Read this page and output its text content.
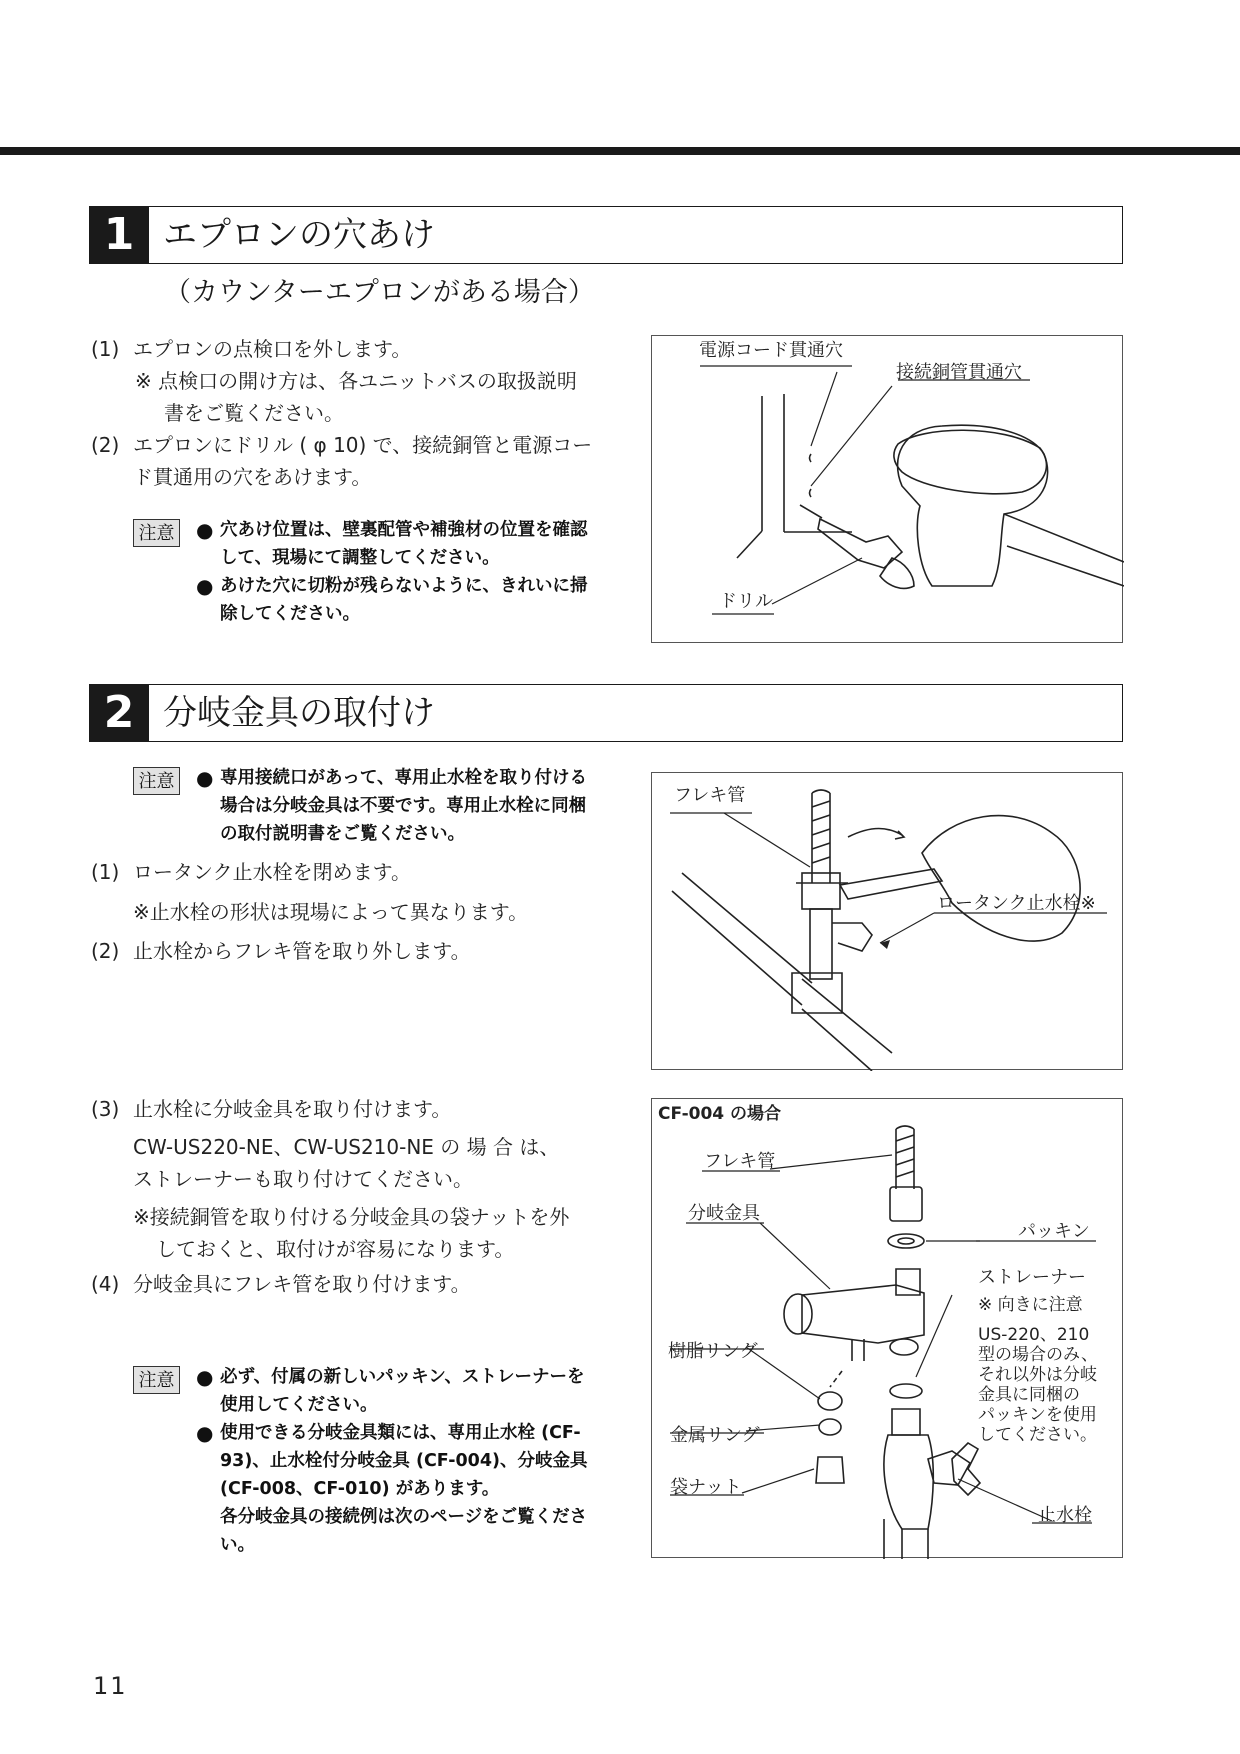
1 エプロンの穴あけ
（カウンターエプロンがある場合）
(1) エプロンの点検口を外します。
※ 点検口の開け方は、各ユニットバスの取扱説明
書をご覧ください。
(2) エプロンにドリル ( φ 10) で、接続銅管と電源コー
ド貫通用の穴をあけます。
注意 ● 穴あけ位置は、壁裏配管や補強材の位置を確認
して、現場にて調整してください。
● あけた穴に切粉が残らないように、きれいに掃
除してください。
電源コード貫通穴
接続銅管貫通穴
ドリル
2 分岐金具の取付け
注意 ● 専用接続口があって、専用止水栓を取り付ける
場合は分岐金具は不要です。専用止水栓に同梱
の取付説明書をご覧ください。
(1) ロータンク止水栓を閉めます。
※止水栓の形状は現場によって異なります。
(2) 止水栓からフレキ管を取り外します。
フレキ管
ロータンク止水栓※
(3) 止水栓に分岐金具を取り付けます。
CW-US220-NE、CW-US210-NE の 場 合 は、
ストレーナーも取り付けてください。
※接続銅管を取り付ける分岐金具の袋ナットを外
しておくと、取付けが容易になります。
(4) 分岐金具にフレキ管を取り付けます。
注意 ● 必ず、付属の新しいパッキン、ストレーナーを
使用してください。
● 使用できる分岐金具類には、専用止水栓 (CF-
93)、止水栓付分岐金具 (CF-004)、分岐金具
(CF-008、CF-010) があります。
各分岐金具の接続例は次のページをご覧くださ
い。
CF-004 の場合
フレキ管
分岐金具
パッキン
ストレーナー
※ 向きに注意
US-220、210
型の場合のみ、
それ以外は分岐
金具に同梱の
パッキンを使用
してください。
樹脂リング
金属リング
袋ナット
止水栓
11
